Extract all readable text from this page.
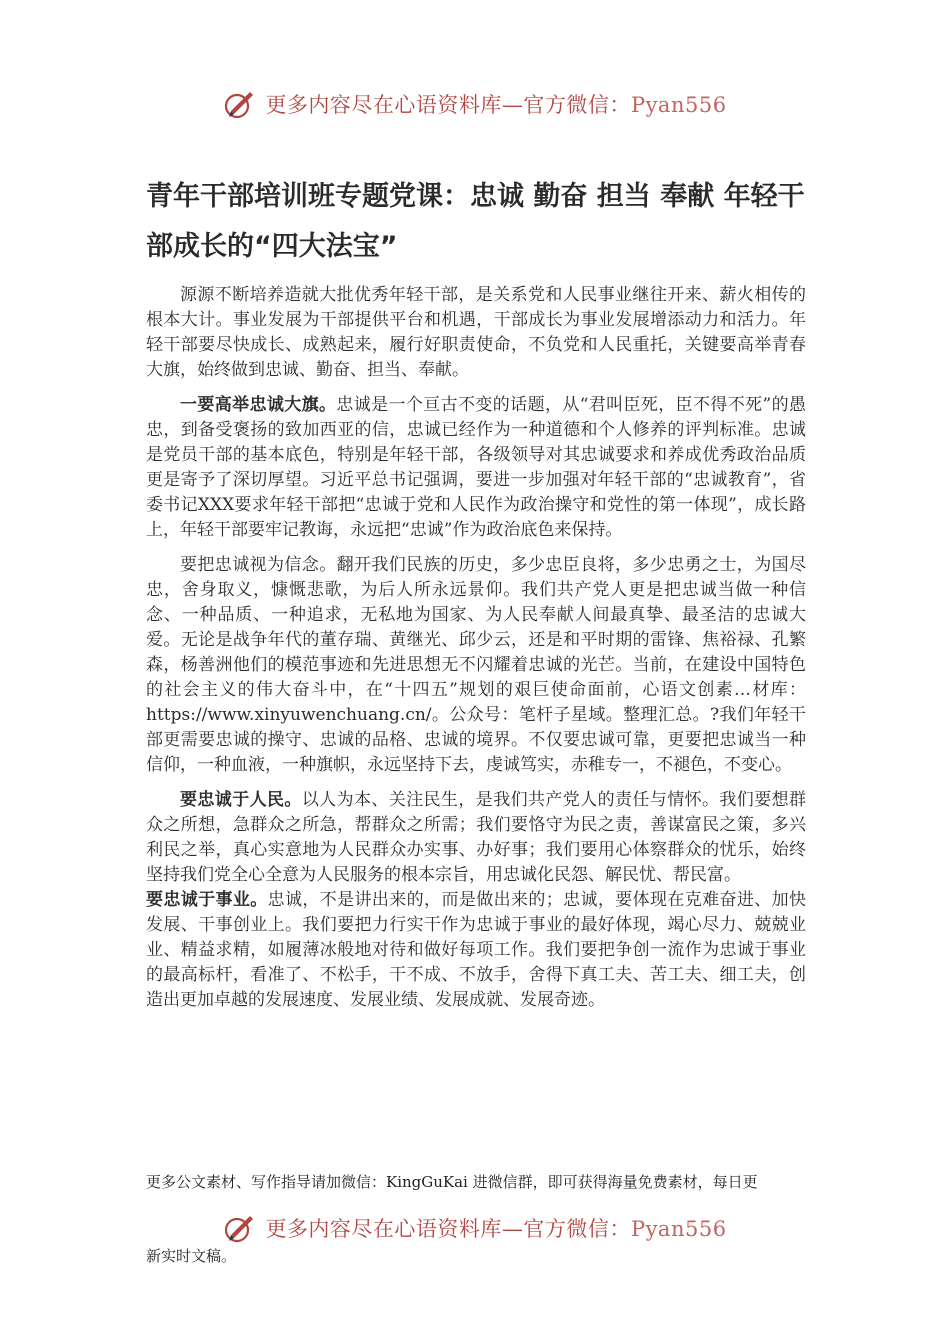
更多内容尽在心语资料库—官方微信：Pyan556
青年干部培训班专题党课：忠诚 勤奋 担当 奉献 年轻干部成长的“四大法宝”

源源不断培养造就大批优秀年轻干部，是关系党和人民事业继往开来、薪火相传的根本大计。事业发展为干部提供平台和机遇，干部成长为事业发展增添动力和活力。年轻干部要尽快成长、成熟起来，履行好职责使命，不负党和人民重托，关键要高举青春大旗，始终做到忠诚、勤奋、担当、奉献。

一要高举忠诚大旗。忠诚是一个亘古不变的话题，从“君叫臣死，臣不得不死”的愚忠，到备受褒扬的致加西亚的信，忠诚已经作为一种道德和个人修养的评判标准。忠诚是党员干部的基本底色，特别是年轻干部，各级领导对其忠诚要求和养成优秀政治品质更是寄予了深切厚望。习近平总书记强调，要进一步加强对年轻干部的“忠诚教育”，省委书记XXX要求年轻干部把“忠诚于党和人民作为政治操守和党性的第一体现”，成长路上，年轻干部要牢记教诲，永远把“忠诚”作为政治底色来保持。

要把忠诚视为信念。翻开我们民族的历史，多少忠臣良将，多少忠勇之士，为国尽忠，舍身取义，慷慨悲歌，为后人所永远景仰。我们共产党人更是把忠诚当做一种信念、一种品质、一种追求，无私地为国家、为人民奉献人间最真挚、最圣洁的忠诚大爱。无论是战争年代的董存瑞、黄继光、邱少云，还是和平时期的雷锋、焦裕禄、孔繁森，杨善洲他们的模范事迹和先进思想无不闪耀着忠诚的光芒。当前，在建设中国特色的社会主义的伟大奋斗中，在“十四五”规划的艰巨使命面前，心语文创素…材库：https://www.xinyuwenchuang.cn/。公众号：笔杆子星域。整理汇总。?我们年轻干部更需要忠诚的操守、忠诚的品格、忠诚的境界。不仅要忠诚可靠，更要把忠诚当一种信仰，一种血液，一种旗帜，永远坚持下去，虔诚笃实，赤稚专一，不褪色，不变心。

要忠诚于人民。以人为本、关注民生，是我们共产党人的责任与情怀。我们要想群众之所想，急群众之所急，帮群众之所需；我们要恪守为民之责，善谋富民之策，多兴利民之举，真心实意地为人民群众办实事、办好事；我们要用心体察群众的忧乐，始终坚持我们党全心全意为人民服务的根本宗旨，用忠诚化民怨、解民忧、帮民富。

要忠诚于事业。忠诚，不是讲出来的，而是做出来的；忠诚，要体现在克难奋进、加快发展、干事创业上。我们要把力行实干作为忠诚于事业的最好体现，竭心尽力、兢兢业业、精益求精，如履薄冰般地对待和做好每项工作。我们要把争创一流作为忠诚于事业的最高标杆，看准了、不松手，干不成、不放手，舍得下真工夫、苦工夫、细工夫，创造出更加卓越的发展速度、发展业绩、发展成就、发展奇迹。

更多公文素材、写作指导请加微信：KingGuKai 进微信群，即可获得海量免费素材，每日更
更多内容尽在心语资料库—官方微信：Pyan556
新实时文稿。
